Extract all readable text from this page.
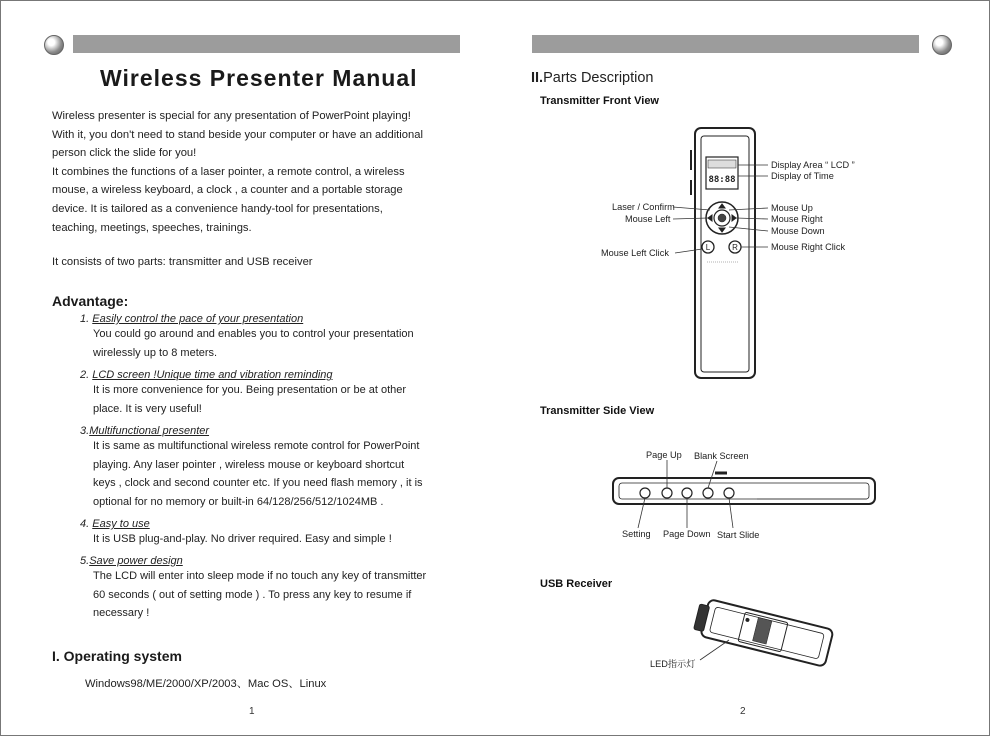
Wireless Presenter Manual
Wireless presenter is special for any presentation of PowerPoint playing!
With it, you don't need to stand beside your computer or have an additional
person click the slide for you!
It combines the functions of a laser pointer, a remote control, a wireless
mouse, a wireless keyboard, a clock , a counter and a portable storage
device. It is tailored as a convenience handy-tool for presentations,
teaching, meetings, speeches, trainings.
It consists of two parts: transmitter and USB receiver
Advantage:
1. Easily control the pace of your presentation
You could go around and enables you to control your presentation
wirelessly up to 8 meters.
2. LCD screen !Unique time and vibration reminding
It is more convenience for you. Being presentation or be at other
place. It is very useful!
3.Multifunctional presenter
It is same as multifunctional wireless remote control for PowerPoint
playing. Any laser pointer , wireless mouse or keyboard shortcut
keys , clock and second counter etc. If you need flash memory , it is
optional for no memory or built-in 64/128/256/512/1024MB .
4. Easy to use
It is USB plug-and-play. No driver required. Easy and simple !
5.Save power design
The LCD will enter into sleep mode if no touch any key of transmitter
60 seconds ( out of setting mode ) . To press any key to resume if
necessary !
I. Operating system
Windows98/ME/2000/XP/2003、Mac OS、Linux
1
II.Parts Description
Transmitter Front View
Transmitter Side View
USB Receiver
88:88
L	R
Display Area “ LCD ”
Display of Time
Laser / Confirm
Mouse Left
Mouse Up
Mouse Right
Mouse Down
Mouse Right Click
Mouse Left Click
Page Up Blank Screen
Setting Page Down Start Slide
LED指示灯
2
